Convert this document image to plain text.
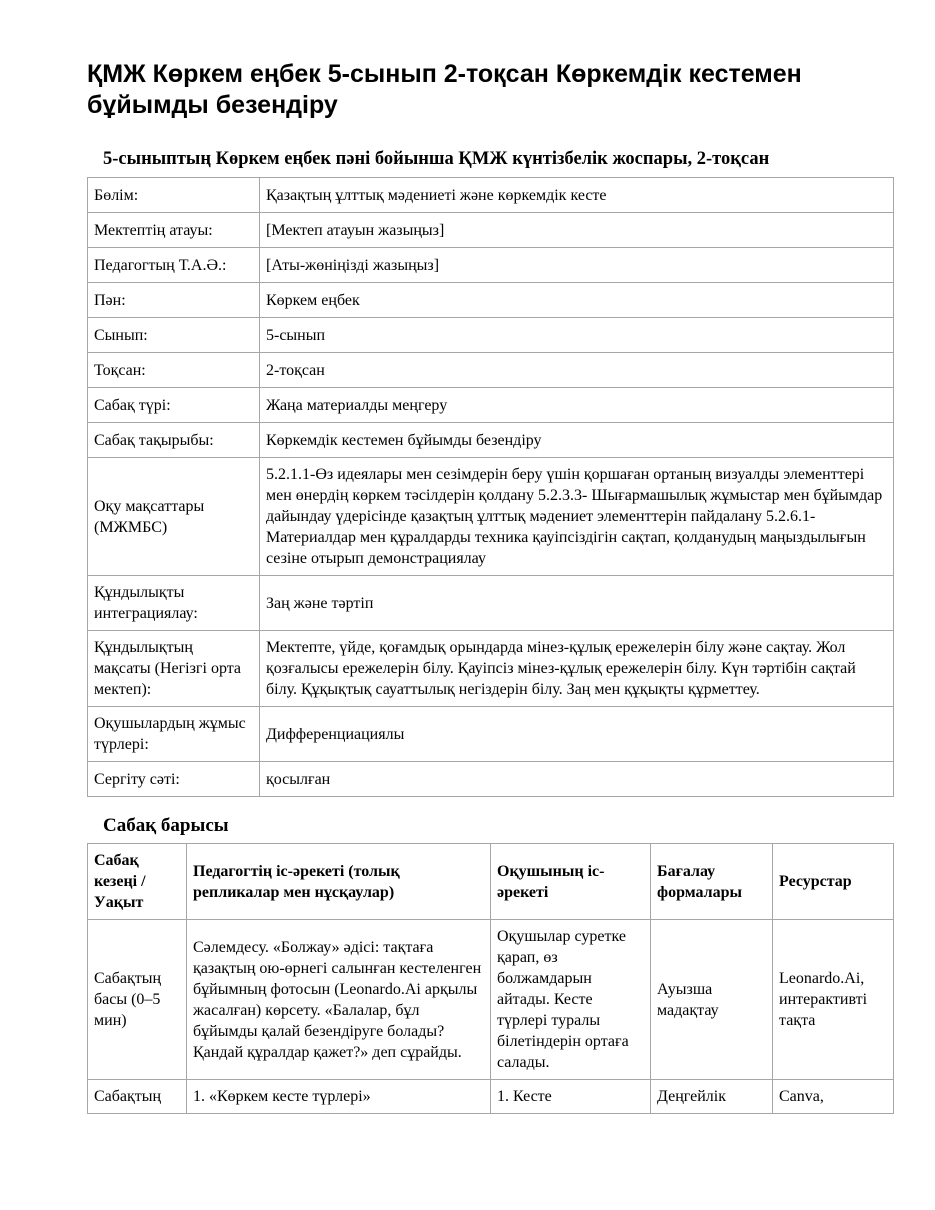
ҚМЖ Көркем еңбек 5-сынып 2-тоқсан Көркемдік кестемен бұйымды безендіру
5-сыныптың Көркем еңбек пәні бойынша ҚМЖ күнтізбелік жоспары, 2-тоқсан
Бөлім:	Қазақтың ұлттық мәдениеті және көркемдік кесте
Мектептің атауы:	[Мектеп атауын жазыңыз]
Педагогтың Т.А.Ә.:	[Аты-жөніңізді жазыңыз]
Пән:	Көркем еңбек
Сынып:	5-сынып
Тоқсан:	2-тоқсан
Сабақ түрі:	Жаңа материалды меңгеру
Сабақ тақырыбы:	Көркемдік кестемен бұйымды безендіру
Оқу мақсаттары (МЖМБС)	5.2.1.1-Өз идеялары мен сезімдерін беру үшін қоршаған ортаның визуалды элементтері мен өнердің көркем тәсілдерін қолдану 5.2.3.3- Шығармашылық жұмыстар мен бұйымдар дайындау үдерісінде қазақтың ұлттық мәдениет элементтерін пайдалану 5.2.6.1-Материалдар мен құралдарды техника қауіпсіздігін сақтап, қолданудың маңыздылығын сезіне отырып демонстрациялау
Құндылықты интеграциялау:	Заң және тәртіп
Құндылықтың мақсаты (Негізгі орта мектеп):	Мектепте, үйде, қоғамдық орындарда мінез-құлық ережелерін білу және сақтау. Жол қозғалысы ережелерін білу. Қауіпсіз мінез-құлық ережелерін білу. Күн тәртібін сақтай білу. Құқықтық сауаттылық негіздерін білу. Заң мен құқықты құрметтеу.
Оқушылардың жұмыс түрлері:	Дифференциациялы
Сергіту сәті:	қосылған
Сабақ барысы
Сабақ кезеңі / Уақыт	Педагогтің іс-әрекеті (толық репликалар мен нұсқаулар)	Оқушының іс-әрекеті	Бағалау формалары	Ресурстар
Сабақтың басы (0–5 мин)	Сәлемдесу. «Болжау» әдісі: тақтаға қазақтың ою-өрнегі салынған кестеленген бұйымның фотосын (Leonardo.Ai арқылы жасалған) көрсету. «Балалар, бұл бұйымды қалай безендіруге болады? Қандай құралдар қажет?» деп сұрайды.	Оқушылар суретке қарап, өз болжамдарын айтады. Кесте түрлері туралы білетіндерін ортаға салады.	Ауызша мадақтау	Leonardo.Ai, интерактивті тақта
Сабақтың	1. «Көркем кесте түрлері»	1. Кесте	Деңгейлік	Canva,
